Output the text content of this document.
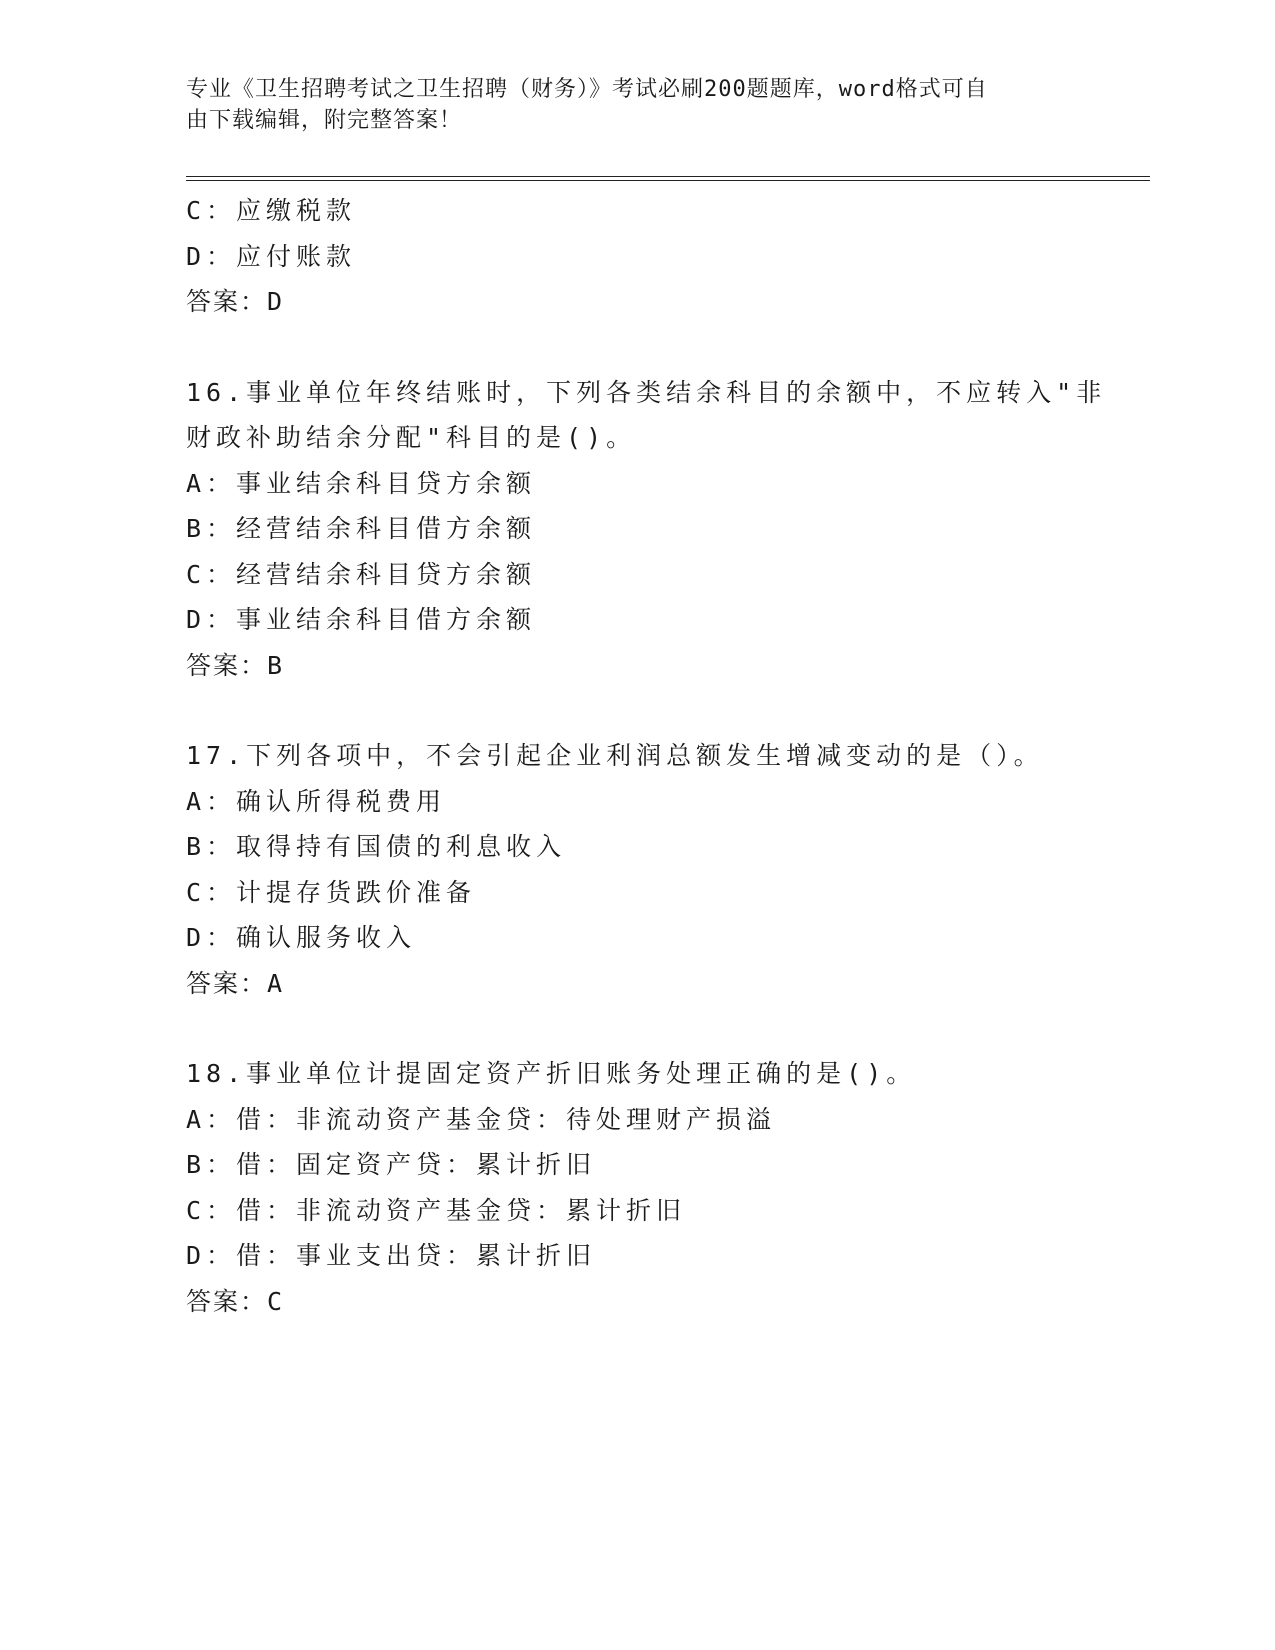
专业《卫生招聘考试之卫生招聘（财务）》考试必刷200题题库，word格式可自
由下载编辑，附完整答案！
C：应缴税款
D：应付账款
答案：D
16.事业单位年终结账时，下列各类结余科目的余额中，不应转入"非
财政补助结余分配"科目的是()。
A：事业结余科目贷方余额
B：经营结余科目借方余额
C：经营结余科目贷方余额
D：事业结余科目借方余额
答案：B
17.下列各项中，不会引起企业利润总额发生增减变动的是（）。
A：确认所得税费用
B：取得持有国债的利息收入
C：计提存货跌价准备
D：确认服务收入
答案：A
18.事业单位计提固定资产折旧账务处理正确的是()。
A：借：非流动资产基金贷：待处理财产损溢
B：借：固定资产贷：累计折旧
C：借：非流动资产基金贷：累计折旧
D：借：事业支出贷：累计折旧
答案：C
